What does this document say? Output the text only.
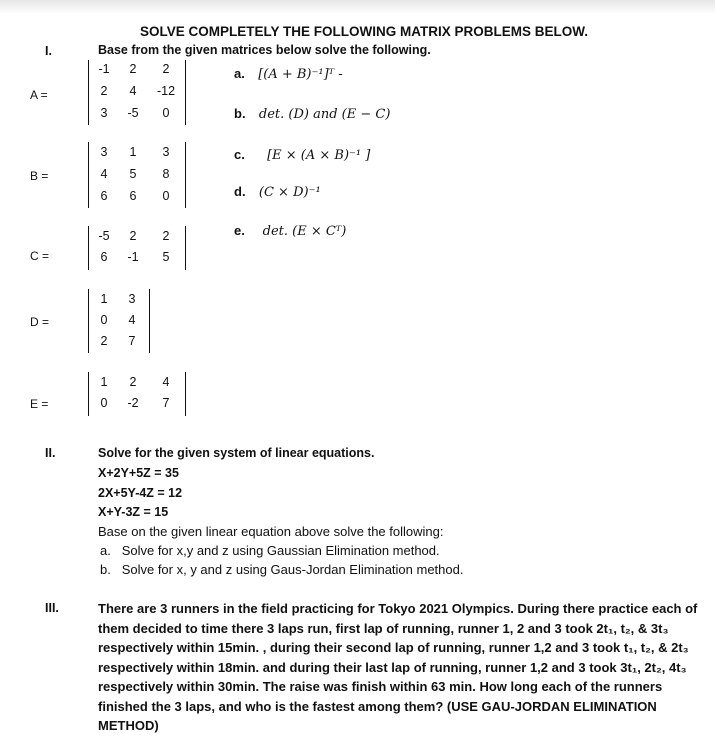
SOLVE COMPLETELY THE FOLLOWING MATRIX PROBLEMS BELOW.
I.	Base from the given matrices below solve the following.
A =
B =
C =
D =
E =
-1	2	2
2	4	-12
3	-5	0
3	1	3
4	5	8
6	6	0
-5	2	2
6	-1	5
1	3
0	4
2	7
1	2	4
0	-2	7
a. [(A + B)⁻¹]ᵀ -
b. det. (D) and (E − C)
c. [E × (A × B)⁻¹ ]
d. (C × D)⁻¹
e. det. (E × Cᵀ)
II.	Solve for the given system of linear equations.
X+2Y+5Z = 35
2X+5Y-4Z = 12
X+Y-3Z = 15
Base on the given linear equation above solve the following:
a. Solve for x,y and z using Gaussian Elimination method.
b. Solve for x, y and z using Gaus-Jordan Elimination method.
III.	There are 3 runners in the field practicing for Tokyo 2021 Olympics. During there practice each of them decided to time there 3 laps run, first lap of running, runner 1, 2 and 3 took 2t₁, t₂, & 3t₃ respectively within 15min. , during their second lap of running, runner 1,2 and 3 took t₁, t₂, & 2t₃ respectively within 18min. and during their last lap of running, runner 1,2 and 3 took 3t₁, 2t₂, 4t₃ respectively within 30min. The raise was finish within 63 min. How long each of the runners finished the 3 laps, and who is the fastest among them? (USE GAU-JORDAN ELIMINATION METHOD)
